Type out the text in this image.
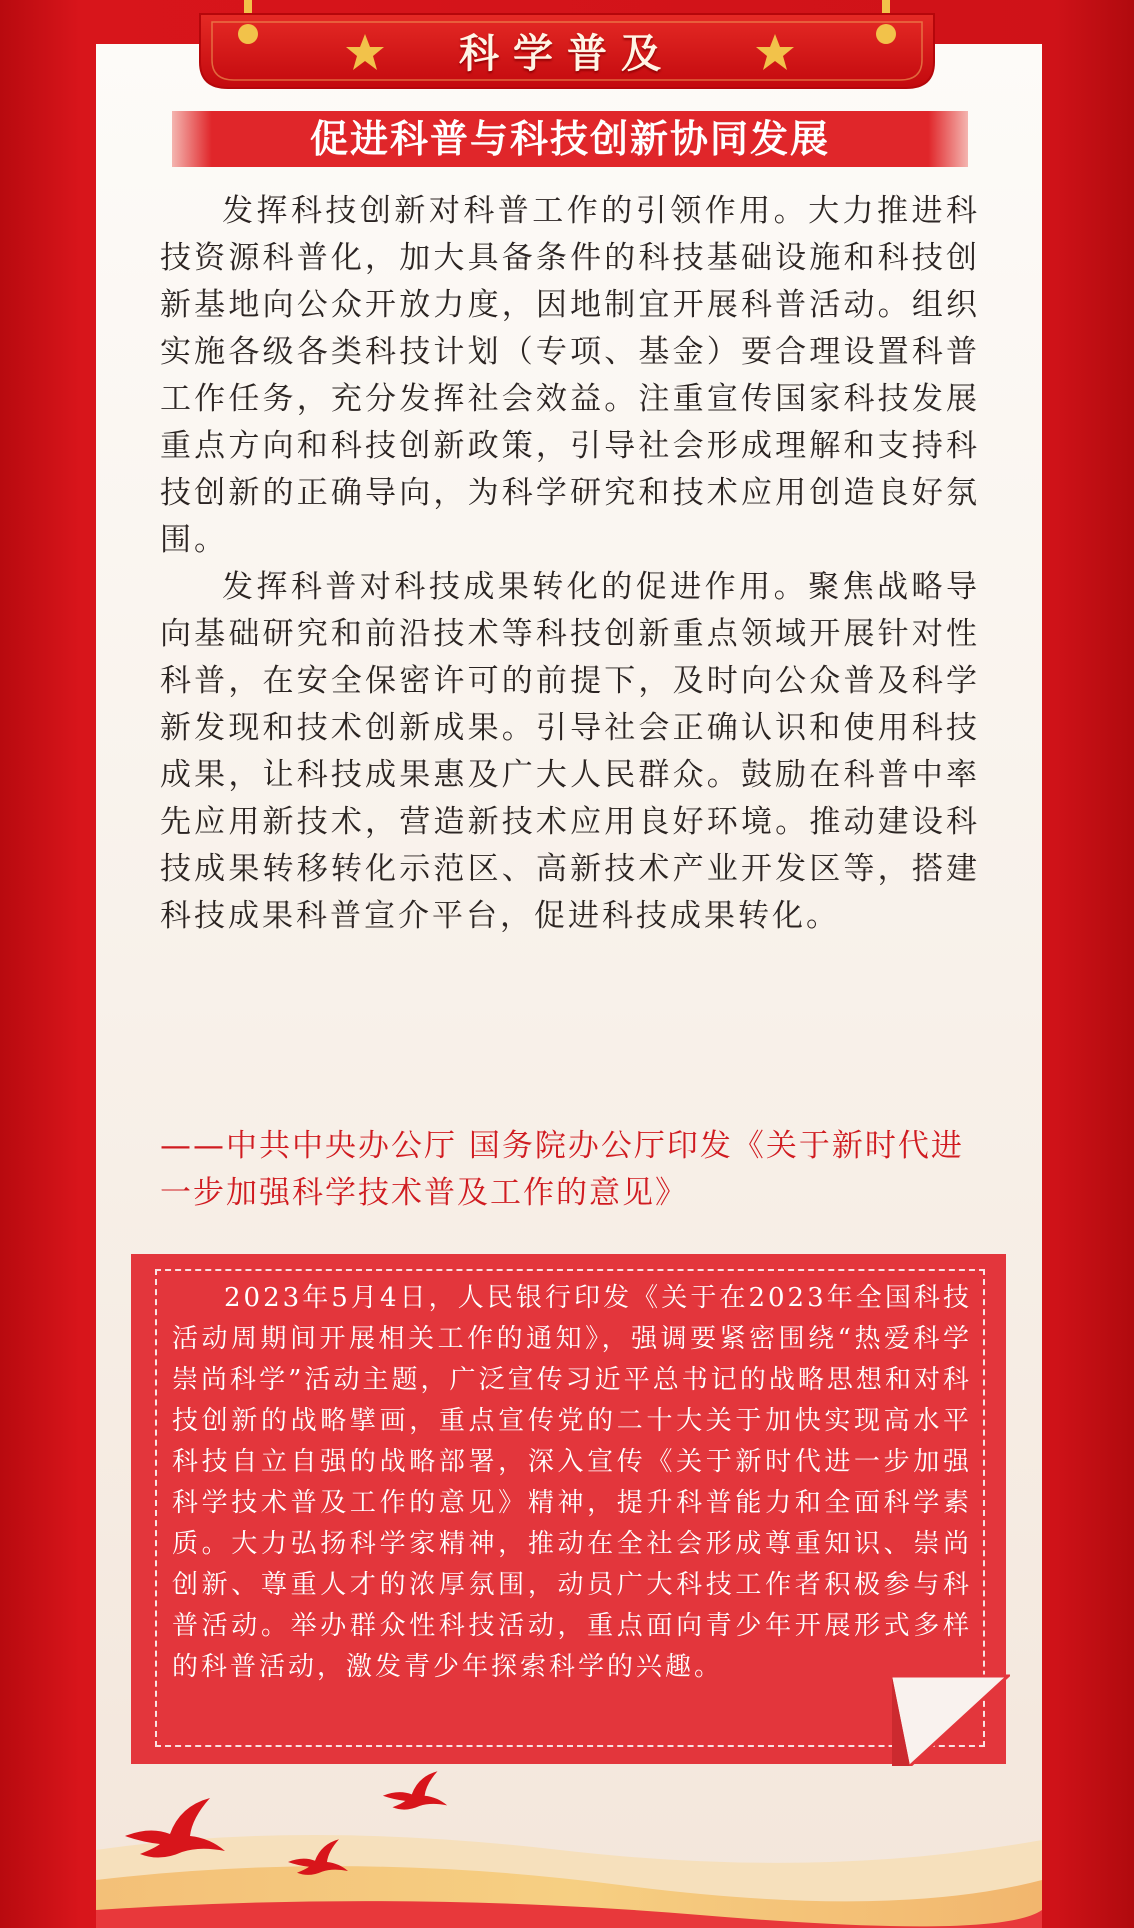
科学普及
促进科普与科技创新协同发展

发挥科技创新对科普工作的引领作用。大力推进科技资源科普化，加大具备条件的科技基础设施和科技创新基地向公众开放力度，因地制宜开展科普活动。组织实施各级各类科技计划（专项、基金）要合理设置科普工作任务，充分发挥社会效益。注重宣传国家科技发展重点方向和科技创新政策，引导社会形成理解和支持科技创新的正确导向，为科学研究和技术应用创造良好氛围。

发挥科普对科技成果转化的促进作用。聚焦战略导向基础研究和前沿技术等科技创新重点领域开展针对性科普，在安全保密许可的前提下，及时向公众普及科学新发现和技术创新成果。引导社会正确认识和使用科技成果，让科技成果惠及广大人民群众。鼓励在科普中率先应用新技术，营造新技术应用良好环境。推动建设科技成果转移转化示范区、高新技术产业开发区等，搭建科技成果科普宣介平台，促进科技成果转化。

——中共中央办公厅 国务院办公厅印发《关于新时代进一步加强科学技术普及工作的意见》

2023年5月4日，人民银行印发《关于在2023年全国科技活动周期间开展相关工作的通知》，强调要紧密围绕“热爱科学 崇尚科学”活动主题，广泛宣传习近平总书记的战略思想和对科技创新的战略擘画，重点宣传党的二十大关于加快实现高水平科技自立自强的战略部署，深入宣传《关于新时代进一步加强科学技术普及工作的意见》精神，提升科普能力和全面科学素质。大力弘扬科学家精神，推动在全社会形成尊重知识、崇尚创新、尊重人才的浓厚氛围，动员广大科技工作者积极参与科普活动。举办群众性科技活动，重点面向青少年开展形式多样的科普活动，激发青少年探索科学的兴趣。
